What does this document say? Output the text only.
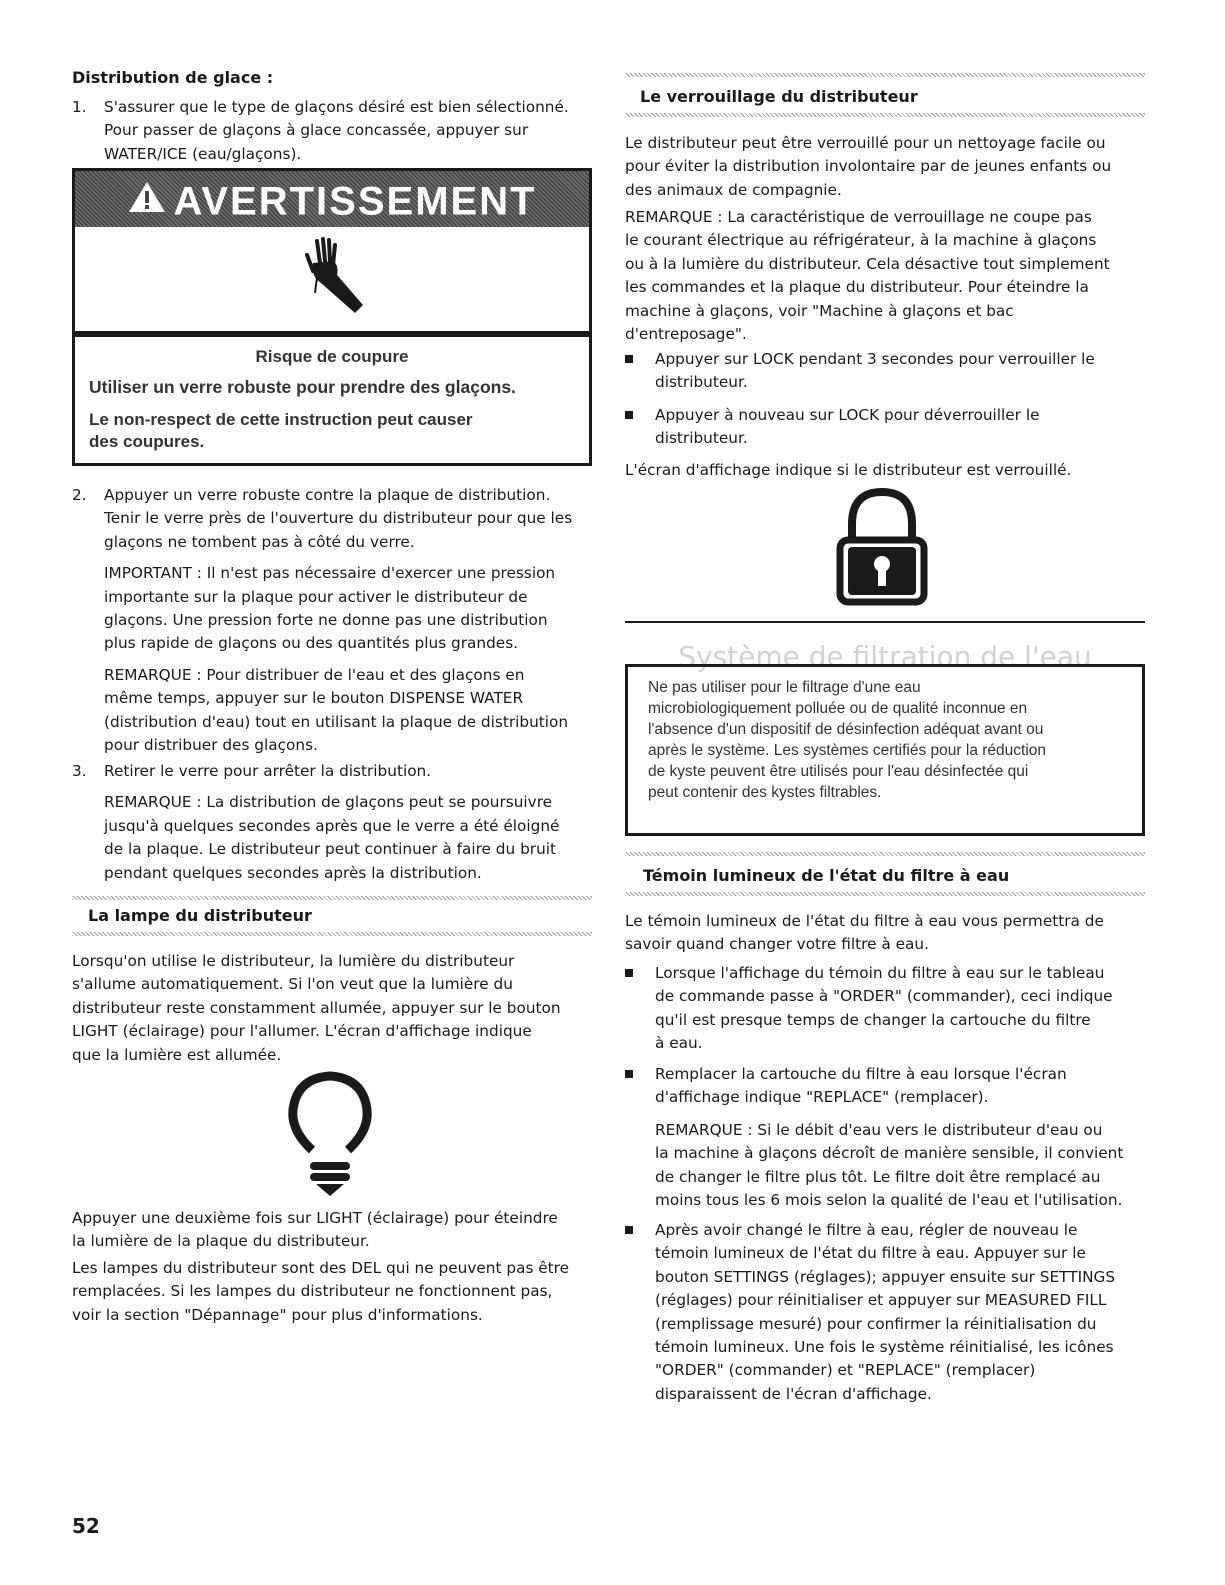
Distribution de glace :
1. S'assurer que le type de glaçons désiré est bien sélectionné.

Pour passer de glaçons à glace concassée, appuyer sur

WATER/ICE (eau/glaçons).

AVERTISSEMENT
Risque de coupure
Utiliser un verre robuste pour prendre des glaçons.
Le non-respect de cette instruction peut causer
des coupures.
2. Appuyer un verre robuste contre la plaque de distribution.

Tenir le verre près de l'ouverture du distributeur pour que les

glaçons ne tombent pas à côté du verre.

IMPORTANT : Il n'est pas nécessaire d'exercer une pression

importante sur la plaque pour activer le distributeur de

glaçons. Une pression forte ne donne pas une distribution

plus rapide de glaçons ou des quantités plus grandes.

REMARQUE : Pour distribuer de l'eau et des glaçons en

même temps, appuyer sur le bouton DISPENSE WATER

(distribution d'eau) tout en utilisant la plaque de distribution

pour distribuer des glaçons.

3. Retirer le verre pour arrêter la distribution.

REMARQUE : La distribution de glaçons peut se poursuivre

jusqu'à quelques secondes après que le verre a été éloigné

de la plaque. Le distributeur peut continuer à faire du bruit

pendant quelques secondes après la distribution.

La lampe du distributeur

Lorsqu'on utilise le distributeur, la lumière du distributeur

s'allume automatiquement. Si l'on veut que la lumière du

distributeur reste constamment allumée, appuyer sur le bouton

LIGHT (éclairage) pour l'allumer. L'écran d'affichage indique

que la lumière est allumée.

Appuyer une deuxième fois sur LIGHT (éclairage) pour éteindre

la lumière de la plaque du distributeur.

Les lampes du distributeur sont des DEL qui ne peuvent pas être

remplacées. Si les lampes du distributeur ne fonctionnent pas,

voir la section "Dépannage" pour plus d'informations.

52
Le verrouillage du distributeur

Le distributeur peut être verrouillé pour un nettoyage facile ou

pour éviter la distribution involontaire par de jeunes enfants ou

des animaux de compagnie.

REMARQUE : La caractéristique de verrouillage ne coupe pas

le courant électrique au réfrigérateur, à la machine à glaçons

ou à la lumière du distributeur. Cela désactive tout simplement

les commandes et la plaque du distributeur. Pour éteindre la

machine à glaçons, voir "Machine à glaçons et bac

d'entreposage".

Appuyer sur LOCK pendant 3 secondes pour verrouiller le

distributeur.

Appuyer à nouveau sur LOCK pour déverrouiller le

distributeur.

L'écran d'affichage indique si le distributeur est verrouillé.

Système de filtration de l'eau

Ne pas utiliser pour le filtrage d'une eau

microbiologiquement polluée ou de qualité inconnue en

l'absence d'un dispositif de désinfection adéquat avant ou

après le système. Les systèmes certifiés pour la réduction

de kyste peuvent être utilisés pour l'eau désinfectée qui

peut contenir des kystes filtrables.

Témoin lumineux de l'état du filtre à eau

Le témoin lumineux de l'état du filtre à eau vous permettra de

savoir quand changer votre filtre à eau.

Lorsque l'affichage du témoin du filtre à eau sur le tableau

de commande passe à "ORDER" (commander), ceci indique

qu'il est presque temps de changer la cartouche du filtre

à eau.

Remplacer la cartouche du filtre à eau lorsque l'écran

d'affichage indique "REPLACE" (remplacer).

REMARQUE : Si le débit d'eau vers le distributeur d'eau ou

la machine à glaçons décroît de manière sensible, il convient

de changer le filtre plus tôt. Le filtre doit être remplacé au

moins tous les 6 mois selon la qualité de l'eau et l'utilisation.

Après avoir changé le filtre à eau, régler de nouveau le

témoin lumineux de l'état du filtre à eau. Appuyer sur le

bouton SETTINGS (réglages); appuyer ensuite sur SETTINGS

(réglages) pour réinitialiser et appuyer sur MEASURED FILL

(remplissage mesuré) pour confirmer la réinitialisation du

témoin lumineux. Une fois le système réinitialisé, les icônes

"ORDER" (commander) et "REPLACE" (remplacer)

disparaissent de l'écran d'affichage.
